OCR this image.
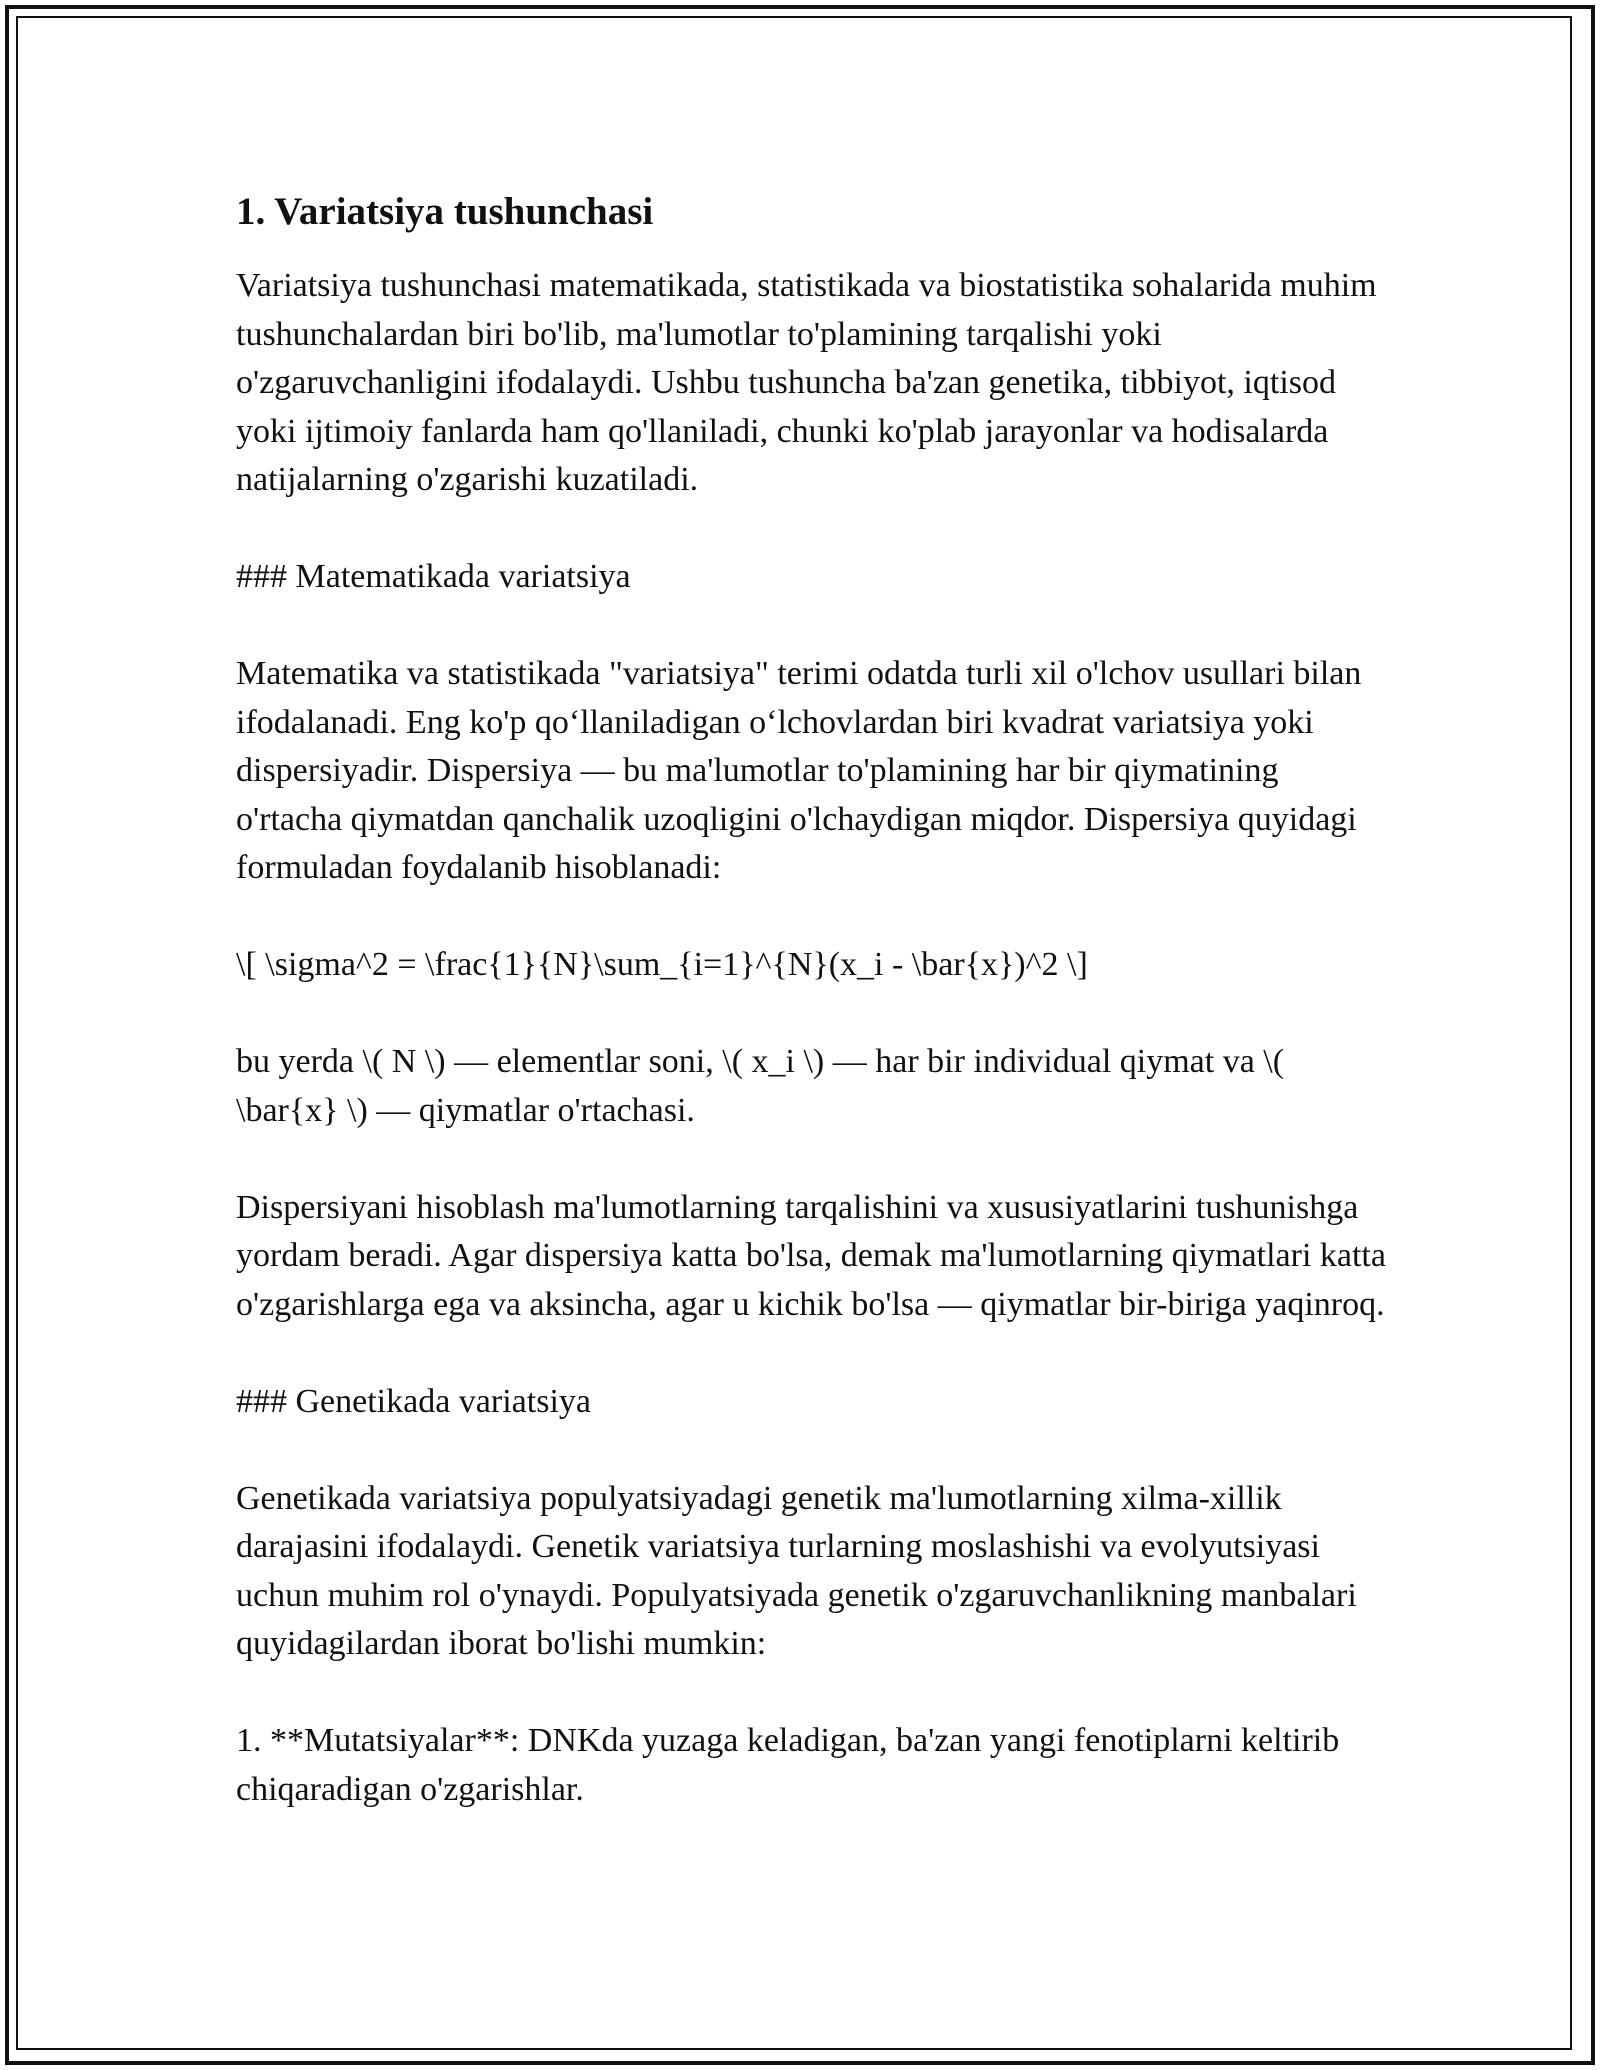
1. Variatsiya tushunchasi

Variatsiya tushunchasi matematikada, statistikada va biostatistika sohalarida muhim tushunchalardan biri bo'lib, ma'lumotlar to'plamining tarqalishi yoki o'zgaruvchanligini ifodalaydi. Ushbu tushuncha ba'zan genetika, tibbiyot, iqtisod yoki ijtimoiy fanlarda ham qo'llaniladi, chunki ko'plab jarayonlar va hodisalarda natijalarning o'zgarishi kuzatiladi.

### Matematikada variatsiya

Matematika va statistikada "variatsiya" terimi odatda turli xil o'lchov usullari bilan ifodalanadi. Eng ko'p qo‘llaniladigan o‘lchovlardan biri kvadrat variatsiya yoki dispersiyadir. Dispersiya — bu ma'lumotlar to'plamining har bir qiymatining o'rtacha qiymatdan qanchalik uzoqligini o'lchaydigan miqdor. Dispersiya quyidagi formuladan foydalanib hisoblanadi:

\[ \sigma^2 = \frac{1}{N}\sum_{i=1}^{N}(x_i - \bar{x})^2 \]

bu yerda \( N \) — elementlar soni, \( x_i \) — har bir individual qiymat va \( \bar{x} \) — qiymatlar o'rtachasi.

Dispersiyani hisoblash ma'lumotlarning tarqalishini va xususiyatlarini tushunishga yordam beradi. Agar dispersiya katta bo'lsa, demak ma'lumotlarning qiymatlari katta o'zgarishlarga ega va aksincha, agar u kichik bo'lsa — qiymatlar bir-biriga yaqinroq.

### Genetikada variatsiya

Genetikada variatsiya populyatsiyadagi genetik ma'lumotlarning xilma-xillik darajasini ifodalaydi. Genetik variatsiya turlarning moslashishi va evolyutsiyasi uchun muhim rol o'ynaydi. Populyatsiyada genetik o'zgaruvchanlikning manbalari quyidagilardan iborat bo'lishi mumkin:

1. **Mutatsiyalar**: DNKda yuzaga keladigan, ba'zan yangi fenotiplarni keltirib chiqaradigan o'zgarishlar.
